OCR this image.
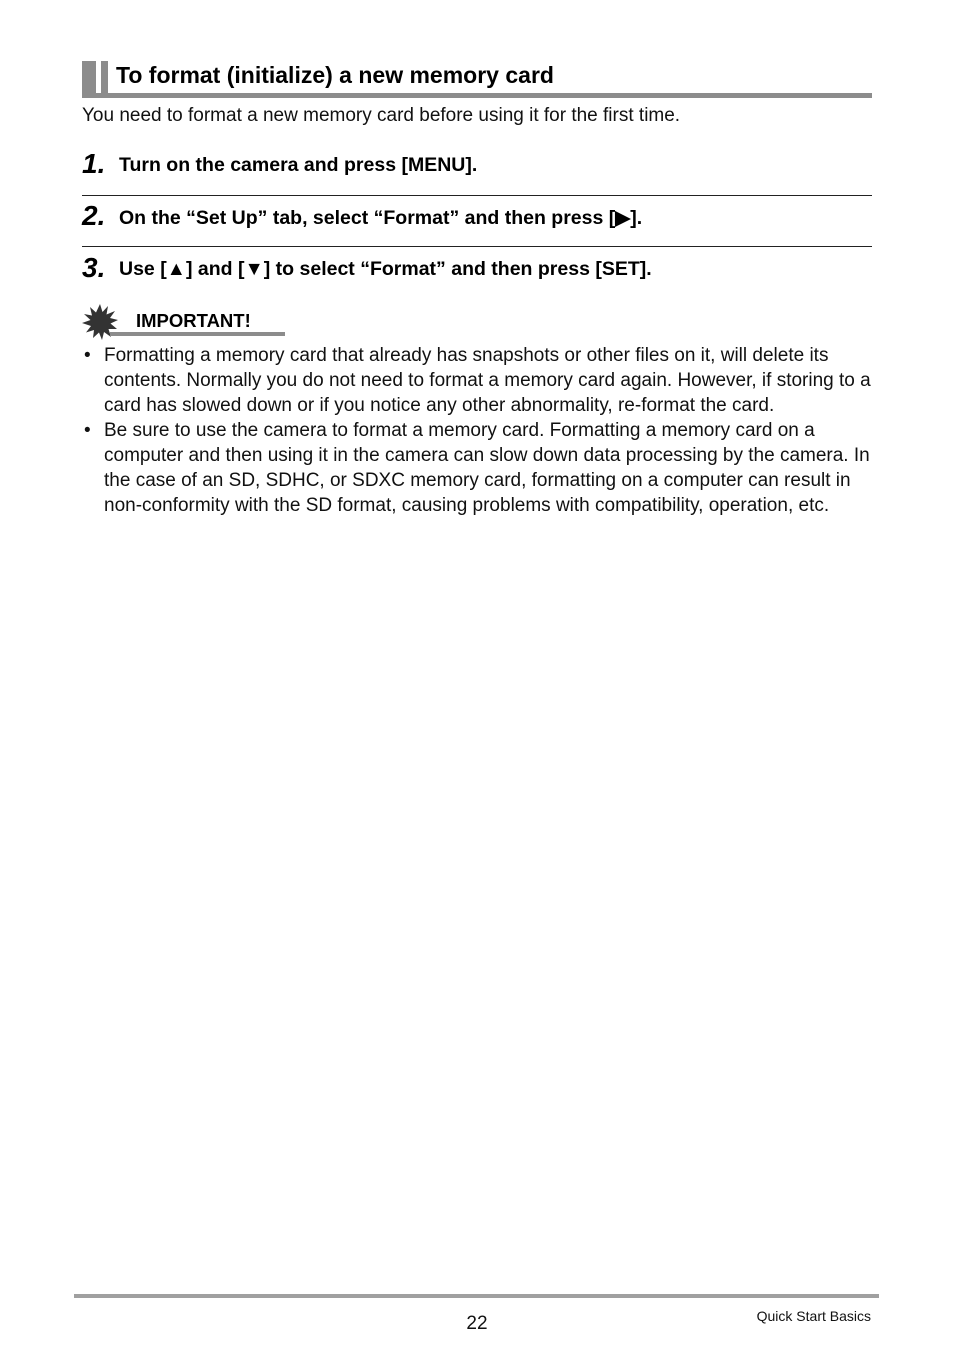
To format (initialize) a new memory card
You need to format a new memory card before using it for the first time.
1. Turn on the camera and press [MENU].
2. On the “Set Up” tab, select “Format” and then press [▶].
3. Use [▲] and [▼] to select “Format” and then press [SET].
IMPORTANT!
• Formatting a memory card that already has snapshots or other files on it, will delete its contents. Normally you do not need to format a memory card again. However, if storing to a card has slowed down or if you notice any other abnormality, re-format the card.
• Be sure to use the camera to format a memory card. Formatting a memory card on a computer and then using it in the camera can slow down data processing by the camera. In the case of an SD, SDHC, or SDXC memory card, formatting on a computer can result in non-conformity with the SD format, causing problems with compatibility, operation, etc.
22	Quick Start Basics
